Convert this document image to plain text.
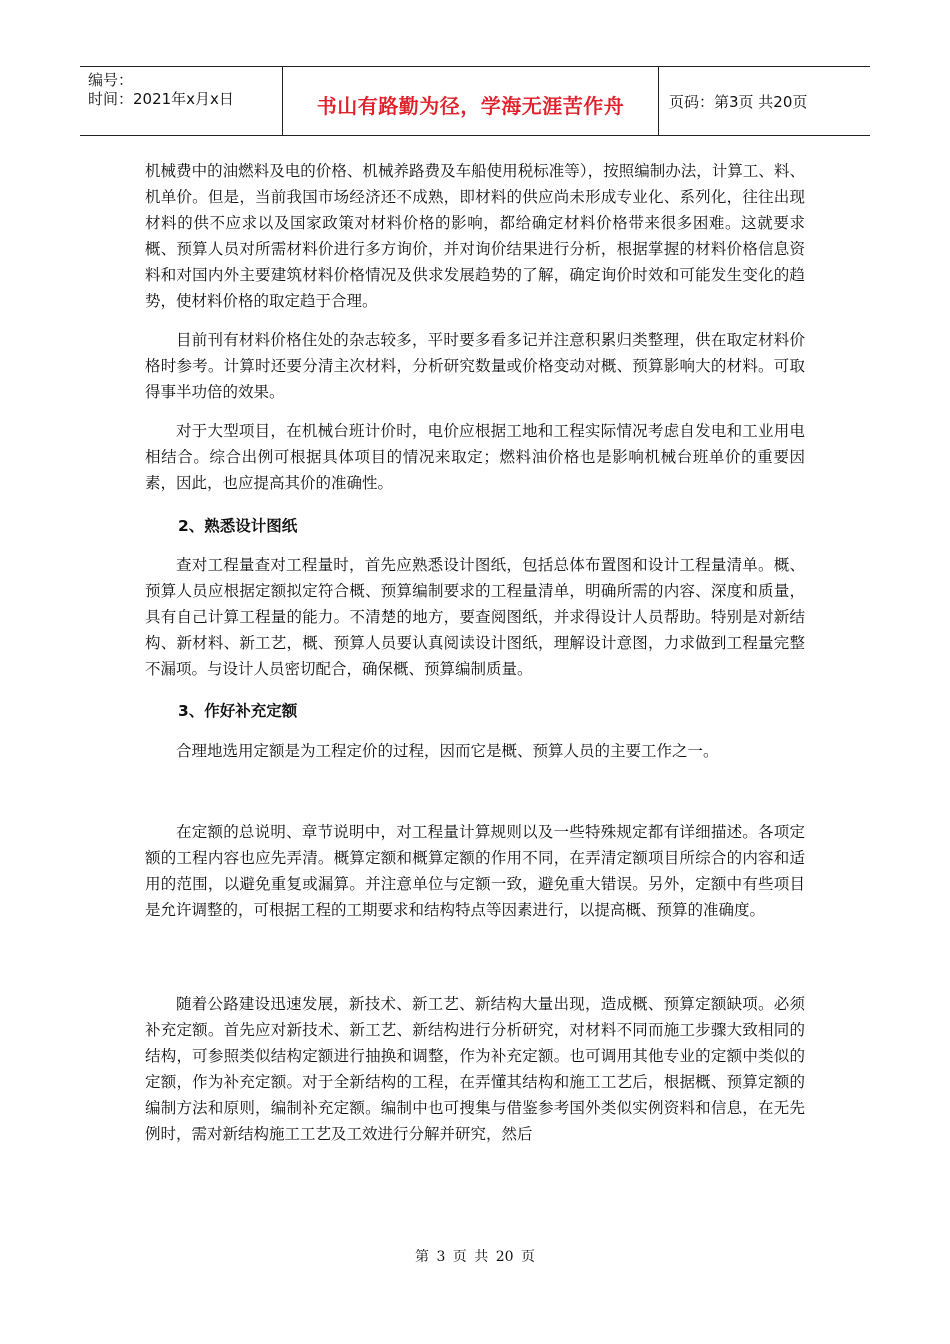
编号：
时间：2021年x月x日	书山有路勤为径，学海无涯苦作舟	页码：第3页 共20页

机械费中的油燃料及电的价格、机械养路费及车船使用税标准等），按照编制办法，计算工、料、机单价。但是，当前我国市场经济还不成熟，即材料的供应尚未形成专业化、系列化，往往出现材料的供不应求以及国家政策对材料价格的影响，都给确定材料价格带来很多困难。这就要求概、预算人员对所需材料价进行多方询价，并对询价结果进行分析，根据掌握的材料价格信息资料和对国内外主要建筑材料价格情况及供求发展趋势的了解，确定询价时效和可能发生变化的趋势，使材料价格的取定趋于合理。

目前刊有材料价格住处的杂志较多，平时要多看多记并注意积累归类整理，供在取定材料价格时参考。计算时还要分清主次材料，分析研究数量或价格变动对概、预算影响大的材料。可取得事半功倍的效果。

对于大型项目，在机械台班计价时，电价应根据工地和工程实际情况考虑自发电和工业用电相结合。综合出例可根据具体项目的情况来取定；燃料油价格也是影响机械台班单价的重要因素，因此，也应提高其价的准确性。

2、熟悉设计图纸

查对工程量查对工程量时，首先应熟悉设计图纸，包括总体布置图和设计工程量清单。概、预算人员应根据定额拟定符合概、预算编制要求的工程量清单，明确所需的内容、深度和质量，具有自己计算工程量的能力。不清楚的地方，要查阅图纸，并求得设计人员帮助。特别是对新结构、新材料、新工艺，概、预算人员要认真阅读设计图纸，理解设计意图，力求做到工程量完整不漏项。与设计人员密切配合，确保概、预算编制质量。

3、作好补充定额

合理地选用定额是为工程定价的过程，因而它是概、预算人员的主要工作之一。

在定额的总说明、章节说明中，对工程量计算规则以及一些特殊规定都有详细描述。各项定额的工程内容也应先弄清。概算定额和概算定额的作用不同，在弄清定额项目所综合的内容和适用的范围，以避免重复或漏算。并注意单位与定额一致，避免重大错误。另外，定额中有些项目是允许调整的，可根据工程的工期要求和结构特点等因素进行，以提高概、预算的准确度。

随着公路建设迅速发展，新技术、新工艺、新结构大量出现，造成概、预算定额缺项。必须补充定额。首先应对新技术、新工艺、新结构进行分析研究，对材料不同而施工步骤大致相同的结构，可参照类似结构定额进行抽换和调整，作为补充定额。也可调用其他专业的定额中类似的定额，作为补充定额。对于全新结构的工程，在弄懂其结构和施工工艺后，根据概、预算定额的编制方法和原则，编制补充定额。编制中也可搜集与借鉴参考国外类似实例资料和信息，在无先例时，需对新结构施工工艺及工效进行分解并研究，然后

第 3 页 共 20 页
